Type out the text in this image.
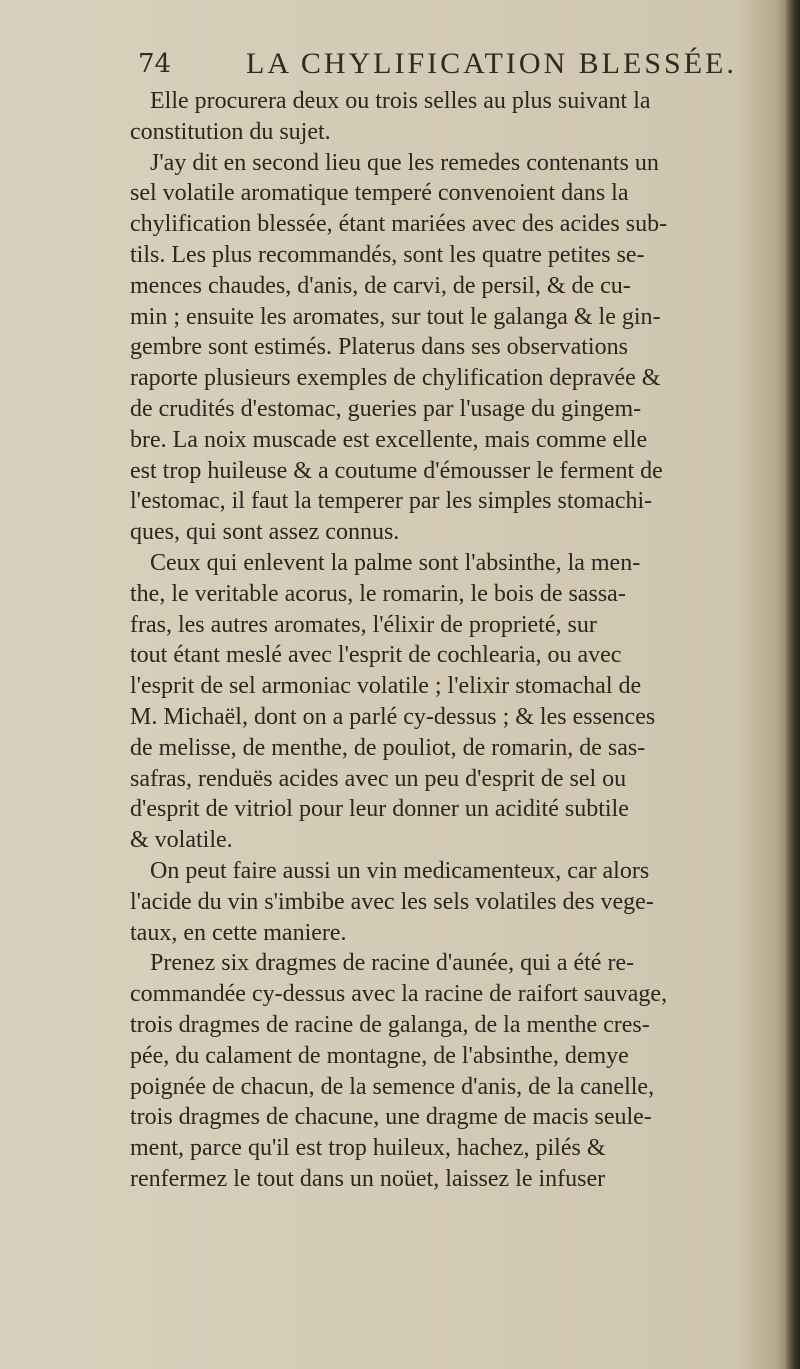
74 LA CHYLIFICATION BLESSÉE.
Elle procurera deux ou trois selles au plus suivant la
constitution du sujet.
J'ay dit en second lieu que les remedes contenants un
sel volatile aromatique temperé convenoient dans la
chylification blessée, étant mariées avec des acides sub-
tils. Les plus recommandés, sont les quatre petites se-
mences chaudes, d'anis, de carvi, de persil, & de cu-
min ; ensuite les aromates, sur tout le galanga & le gin-
gembre sont estimés. Platerus dans ses observations
raporte plusieurs exemples de chylification depravée &
de crudités d'estomac, gueries par l'usage du gingem-
bre. La noix muscade est excellente, mais comme elle
est trop huileuse & a coutume d'émousser le ferment de
l'estomac, il faut la temperer par les simples stomachi-
ques, qui sont assez connus.
Ceux qui enlevent la palme sont l'absinthe, la men-
the, le veritable acorus, le romarin, le bois de sassa-
fras, les autres aromates, l'élixir de proprieté, sur
tout étant meslé avec l'esprit de cochlearia, ou avec
l'esprit de sel armoniac volatile ; l'elixir stomachal de
M. Michaël, dont on a parlé cy-dessus ; & les essences
de melisse, de menthe, de pouliot, de romarin, de sas-
safras, renduës acides avec un peu d'esprit de sel ou
d'esprit de vitriol pour leur donner un acidité subtile
& volatile.
On peut faire aussi un vin medicamenteux, car alors
l'acide du vin s'imbibe avec les sels volatiles des vege-
taux, en cette maniere.
Prenez six dragmes de racine d'aunée, qui a été re-
commandée cy-dessus avec la racine de raifort sauvage,
trois dragmes de racine de galanga, de la menthe cres-
pée, du calament de montagne, de l'absinthe, demye
poignée de chacun, de la semence d'anis, de la canelle,
trois dragmes de chacune, une dragme de macis seule-
ment, parce qu'il est trop huileux, hachez, pilés &
renfermez le tout dans un noüet, laissez le infuser
